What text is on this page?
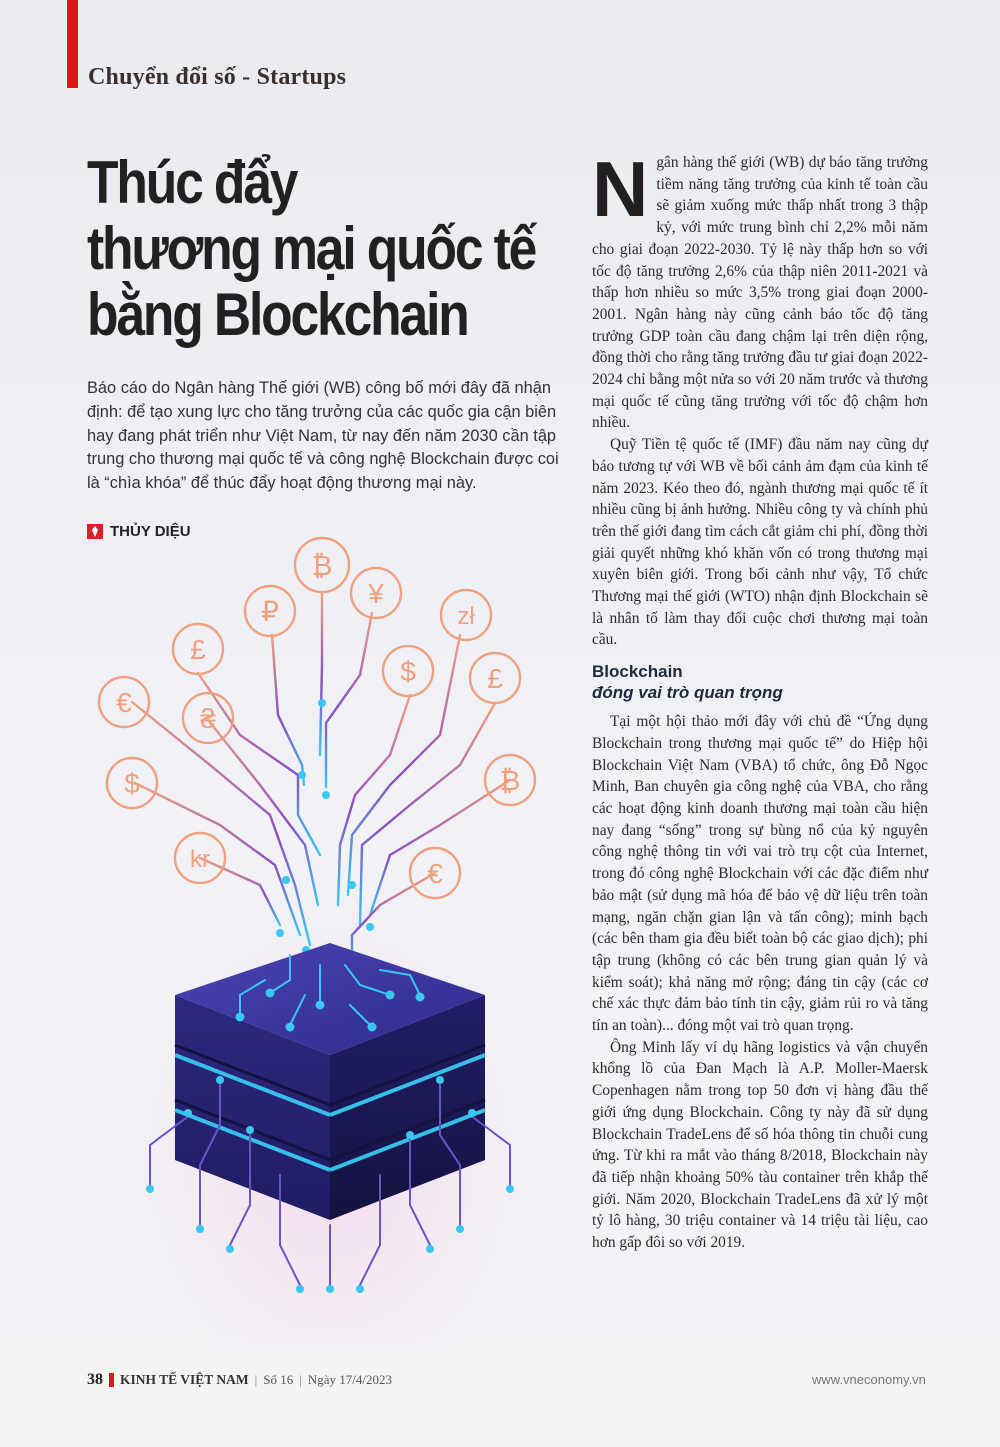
Chuyển đổi số - Startups
Thúc đẩy
thương mại quốc tế
bằng Blockchain
Báo cáo do Ngân hàng Thế giới (WB) công bố mới đây đã nhận định: để tạo xung lực cho tăng trưởng của các quốc gia cận biên hay đang phát triển như Việt Nam, từ nay đến năm 2030 cần tập trung cho thương mại quốc tế và công nghệ Blockchain được coi là “chìa khóa” để thúc đẩy hoạt động thương mại này.
THỦY DIỆU
₿
₽
¥
zł
£
$	£
€
₴
$	₿
kr	€

Ngân hàng thế giới (WB) dự báo tăng trưởng tiềm năng tăng trưởng của kinh tế toàn cầu sẽ giảm xuống mức thấp nhất trong 3 thập kỷ, với mức trung bình chỉ 2,2% mỗi năm cho giai đoạn 2022-2030. Tỷ lệ này thấp hơn so với tốc độ tăng trưởng 2,6% của thập niên 2011-2021 và thấp hơn nhiều so mức 3,5% trong giai đoạn 2000-2001. Ngân hàng này cũng cảnh báo tốc độ tăng trưởng GDP toàn cầu đang chậm lại trên diện rộng, đồng thời cho rằng tăng trưởng đầu tư giai đoạn 2022-2024 chỉ bằng một nửa so với 20 năm trước và thương mại quốc tế cũng tăng trưởng với tốc độ chậm hơn nhiều.

Quỹ Tiền tệ quốc tế (IMF) đầu năm nay cũng dự báo tương tự với WB về bối cảnh ảm đạm của kinh tế năm 2023. Kéo theo đó, ngành thương mại quốc tế ít nhiều cũng bị ảnh hưởng. Nhiều công ty và chính phủ trên thế giới đang tìm cách cắt giảm chi phí, đồng thời giải quyết những khó khăn vốn có trong thương mại xuyên biên giới. Trong bối cảnh như vậy, Tổ chức Thương mại thế giới (WTO) nhận định Blockchain sẽ là nhân tố làm thay đổi cuộc chơi thương mại toàn cầu.

Blockchain
đóng vai trò quan trọng

Tại một hội thảo mới đây với chủ đề “Ứng dụng Blockchain trong thương mại quốc tế” do Hiệp hội Blockchain Việt Nam (VBA) tổ chức, ông Đỗ Ngọc Minh, Ban chuyên gia công nghệ của VBA, cho rằng các hoạt động kinh doanh thương mại toàn cầu hiện nay đang “sống” trong sự bùng nổ của kỷ nguyên công nghệ thông tin với vai trò trụ cột của Internet, trong đó công nghệ Blockchain với các đặc điểm như bảo mật (sử dụng mã hóa để bảo vệ dữ liệu trên toàn mạng, ngăn chặn gian lận và tấn công); minh bạch (các bên tham gia đều biết toàn bộ các giao dịch); phi tập trung (không có các bên trung gian quản lý và kiểm soát); khả năng mở rộng; đáng tin cậy (các cơ chế xác thực đảm bảo tính tin cậy, giảm rủi ro và tăng tín an toàn)... đóng một vai trò quan trọng.

Ông Minh lấy ví dụ hãng logistics và vận chuyển khổng lồ của Đan Mạch là A.P. Moller-Maersk Copenhagen nằm trong top 50 đơn vị hàng đầu thế giới ứng dụng Blockchain. Công ty này đã sử dụng Blockchain TradeLens để số hóa thông tin chuỗi cung ứng. Từ khi ra mắt vào tháng 8/2018, Blockchain này đã tiếp nhận khoảng 50% tàu container trên khắp thế giới. Năm 2020, Blockchain TradeLens đã xử lý một tỷ lô hàng, 30 triệu container và 14 triệu tài liệu, cao hơn gấp đôi so với 2019.

38 KINH TẾ VIỆT NAM | Số 16 | Ngày 17/4/2023	www.vneconomy.vn
